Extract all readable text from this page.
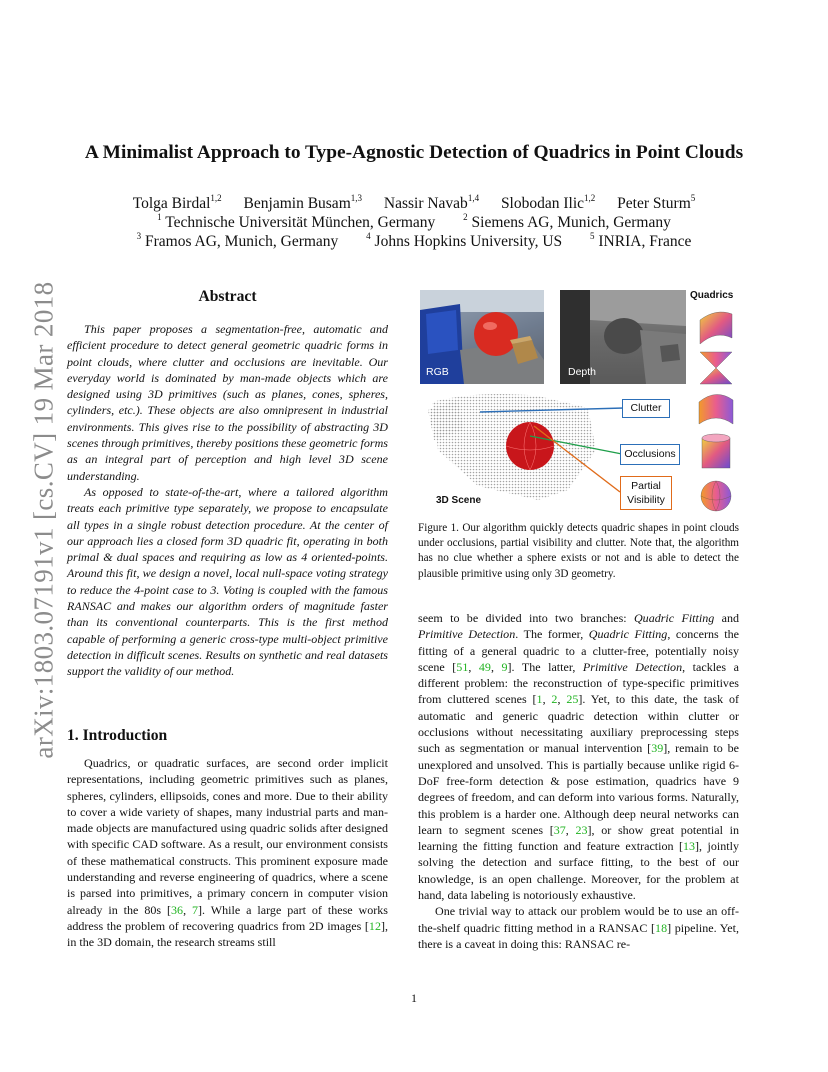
arXiv:1803.07191v1 [cs.CV] 19 Mar 2018
A Minimalist Approach to Type-Agnostic Detection of Quadrics in Point Clouds
Tolga Birdal$^{1,2}$ Benjamin Busam$^{1,3}$ Nassir Navab$^{1,4}$ Slobodan Ilic$^{1,2}$ Peter Sturm$^5$
$^1$ Technische Universität München, Germany	$^2$ Siemens AG, Munich, Germany
$^3$ Framos AG, Munich, Germany	$^4$ Johns Hopkins University, US	$^5$ INRIA, France
Abstract

This paper proposes a segmentation-free, automatic and efficient procedure to detect general geometric quadric forms in point clouds, where clutter and occlusions are inevitable. Our everyday world is dominated by man-made objects which are designed using 3D primitives (such as planes, cones, spheres, cylinders, etc.). These objects are also omnipresent in industrial environments. This gives rise to the possibility of abstracting 3D scenes through primitives, thereby positions these geometric forms as an integral part of perception and high level 3D scene understanding.

As opposed to state-of-the-art, where a tailored algorithm treats each primitive type separately, we propose to encapsulate all types in a single robust detection procedure. At the center of our approach lies a closed form 3D quadric fit, operating in both primal & dual spaces and requiring as low as 4 oriented-points. Around this fit, we design a novel, local null-space voting strategy to reduce the 4-point case to 3. Voting is coupled with the famous RANSAC and makes our algorithm orders of magnitude faster than its conventional counterparts. This is the first method capable of performing a generic cross-type multi-object primitive detection in difficult scenes. Results on synthetic and real datasets support the validity of our method.

1. Introduction

Quadrics, or quadratic surfaces, are second order implicit representations, including geometric primitives such as planes, spheres, cylinders, ellipsoids, cones and more. Due to their ability to cover a wide variety of shapes, many industrial parts and man-made objects are manufactured using quadric solids after designed with specific CAD software. As a result, our environment consists of these mathematical constructs. This prominent exposure made understanding and reverse engineering of quadrics, where a scene is parsed into primitives, a primary concern in computer vision already in the 80s [36, 7]. While a large part of these works address the problem of recovering quadrics from 2D images [12], in the 3D domain, the research streams still

RGB	Depth
Quadrics
3D Scene
Clutter
Occlusions
Partial
Visibility
Figure 1. Our algorithm quickly detects quadric shapes in point clouds under occlusions, partial visibility and clutter. Note that, the algorithm has no clue whether a sphere exists or not and is able to detect the plausible primitive using only 3D geometry.

seem to be divided into two branches: Quadric Fitting and Primitive Detection. The former, Quadric Fitting, concerns the fitting of a general quadric to a clutter-free, potentially noisy scene [51, 49, 9]. The latter, Primitive Detection, tackles a different problem: the reconstruction of type-specific primitives from cluttered scenes [1, 2, 25]. Yet, to this date, the task of automatic and generic quadric detection within clutter or occlusions without necessitating auxiliary preprocessing steps such as segmentation or manual intervention [39], remain to be unexplored and unsolved. This is partially because unlike rigid 6-DoF free-form detection & pose estimation, quadrics have 9 degrees of freedom, and can deform into various forms. Naturally, this problem is a harder one. Although deep neural networks can learn to segment scenes [37, 23], or show great potential in learning the fitting function and feature extraction [13], jointly solving the detection and surface fitting, to the best of our knowledge, is an open challenge. Moreover, for the problem at hand, data labeling is notoriously exhaustive.

One trivial way to attack our problem would be to use an off-the-shelf quadric fitting method in a RANSAC [18] pipeline. Yet, there is a caveat in doing this: RANSAC re-

1
